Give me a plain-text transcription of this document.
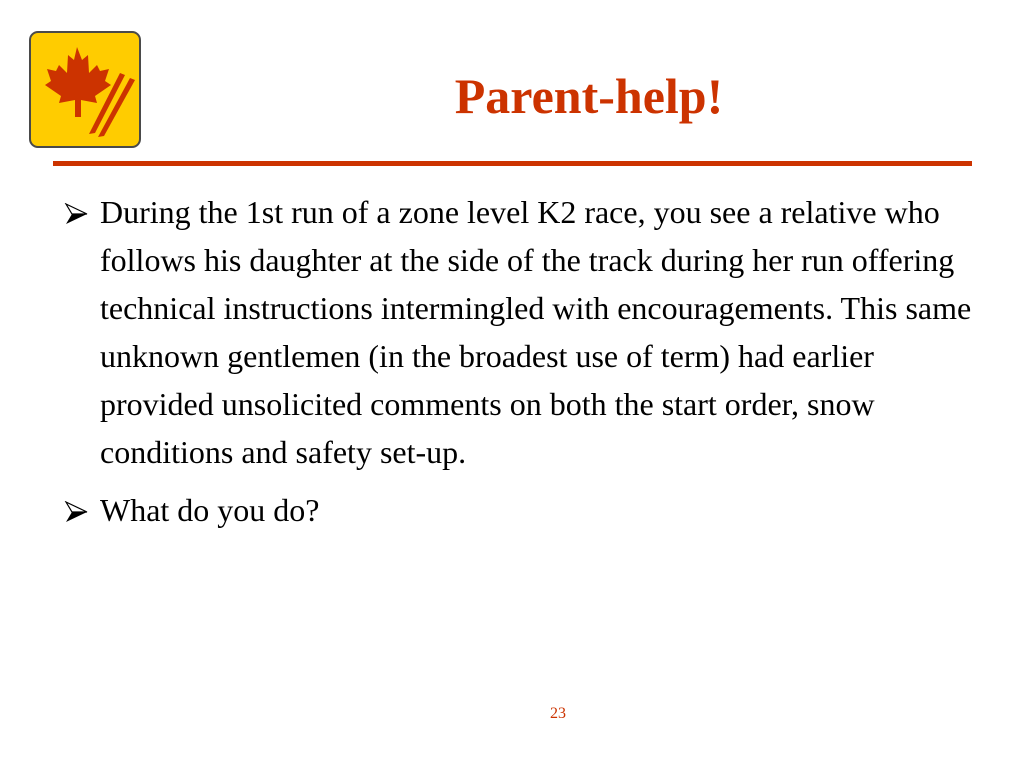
Parent-help!
During the 1st run of a zone level K2 race, you see a relative who follows his daughter at the side of the track during her run offering technical instructions intermingled with encouragements. This same unknown gentlemen (in the broadest use of term) had earlier provided unsolicited comments on both the start order, snow conditions and safety set-up.
What do you do?
23
